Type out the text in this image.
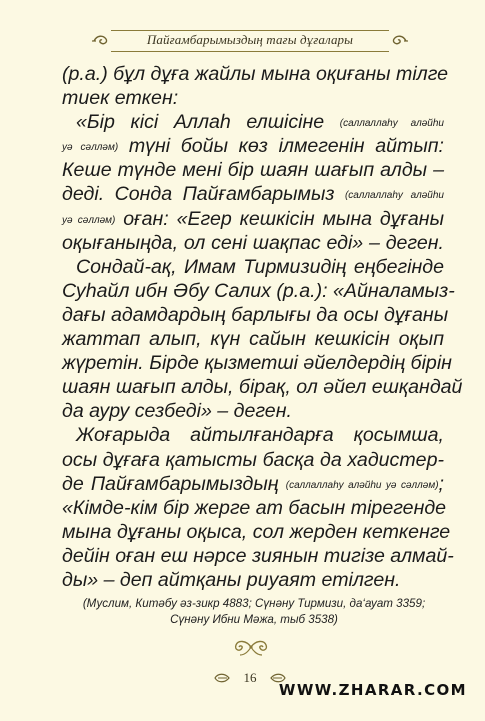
Пайғамбарымыздың тағы дұғалары
(р.а.) бұл дұға жайлы мына оқиғаны тілге
тиек еткен:
«Бір кісі Аллаһ елшісіне (саллаллаһу аләйһи
уә сәлләм) түні бойы көз ілмегенін айтып:
Кеше түнде мені бір шаян шағып алды –
деді. Сонда Пайғамбарымыз (саллаллаһу аләйһи
уә сәлләм) оған: «Егер кешкісін мына дұғаны
оқығаныңда, ол сені шақпас еді» – деген.
Сондай-ақ, Имам Тирмизидің еңбегінде
Суһайл ибн Әбу Салих (р.а.): «Айналамыз-
дағы адамдардың барлығы да осы дұғаны
жаттап алып, күн сайын кешкісін оқып
жүретін. Бірде қызметші әйелдердің бірін
шаян шағып алды, бірақ, ол әйел ешқандай
да ауру сезбеді» – деген.
Жоғарыда айтылғандарға қосымша,
осы дұғаға қатысты басқа да хадистер-
де Пайғамбарымыздың (саллаллаһу аләйһи уә сәлләм);
«Кімде-кім бір жерге ат басын тірегенде
мына дұғаны оқыса, сол жерден кеткенге
дейін оған еш нәрсе зиянын тигізе алмай-
ды» – деп айтқаны риуаят етілген.
(Муслим, Китәбу әз-зикр 4883; Сүнәну Тирмизи, да‘ауат 3359;
Сүнәну Ибни Мәжа, тыб 3538)
16
WWW.ZHARAR.COM
